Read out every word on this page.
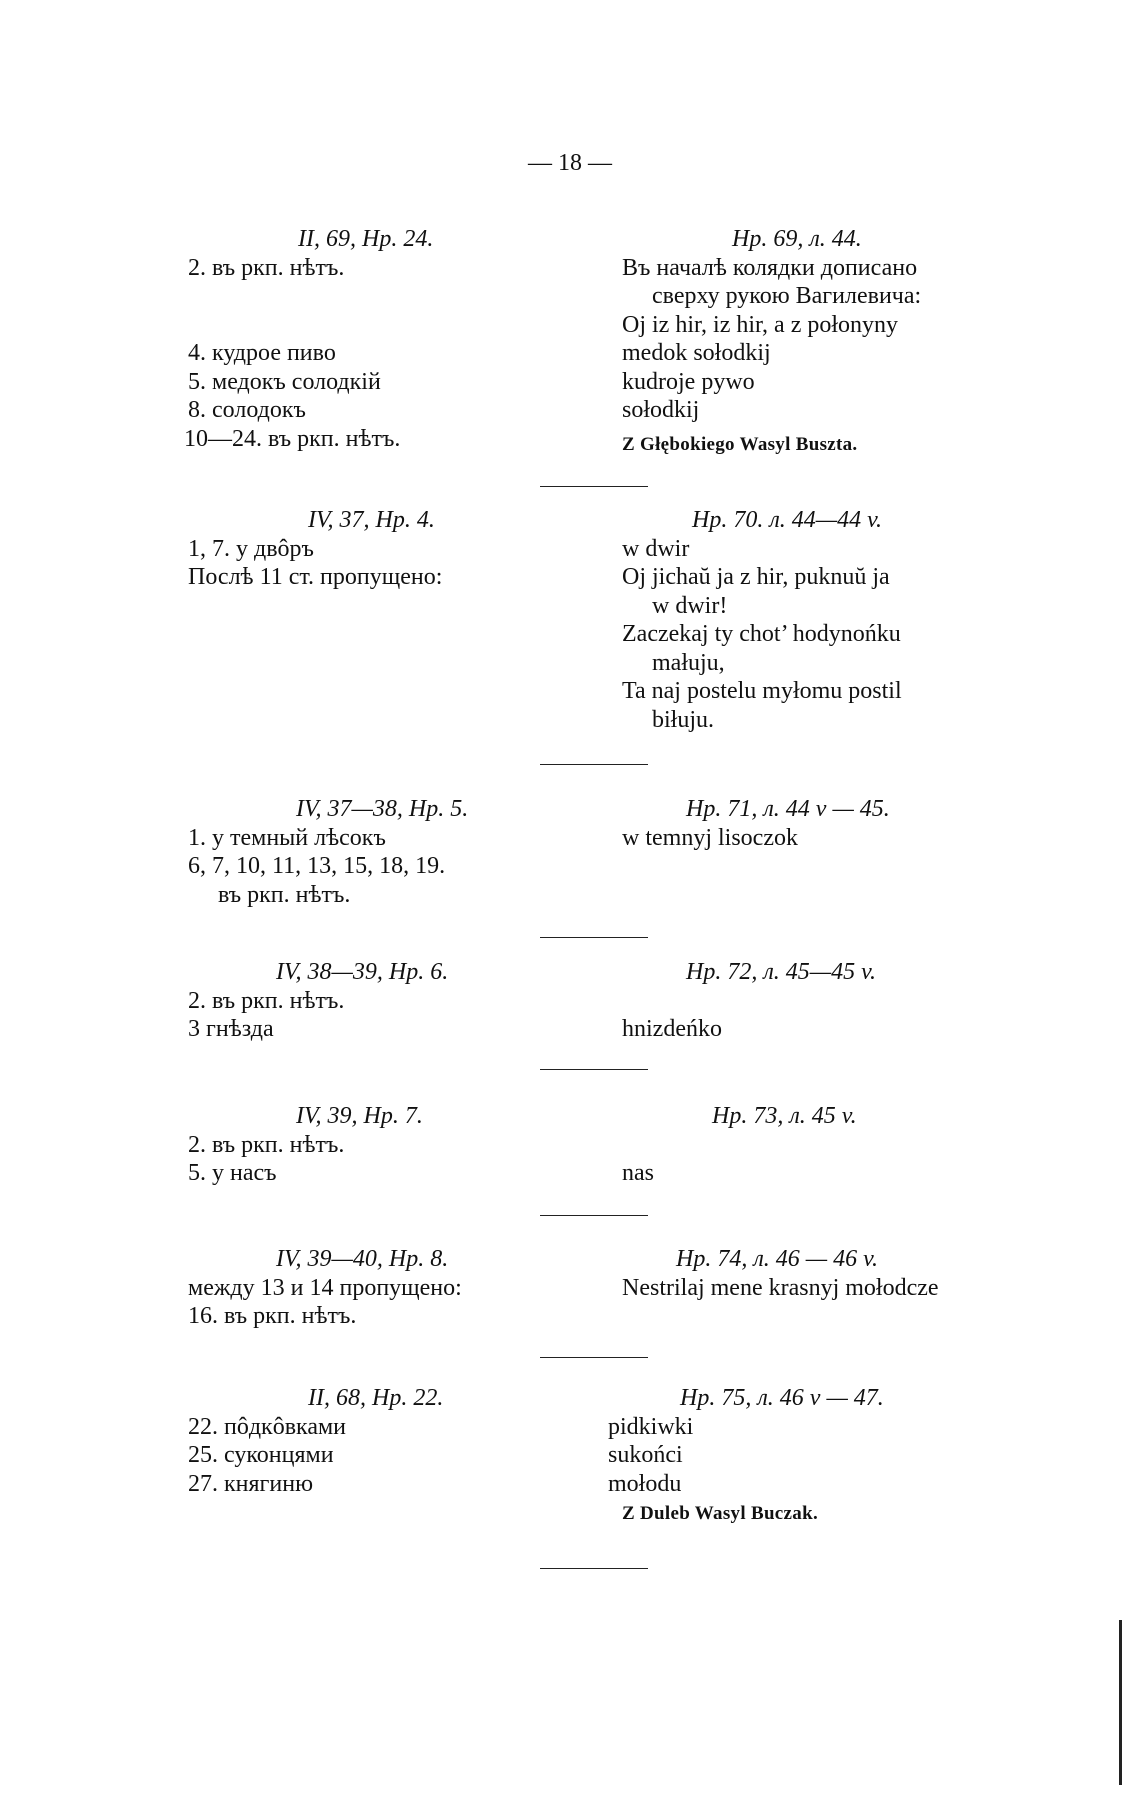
— 18 —
II, 69, Hp. 24.
2. въ ркп. нѣтъ.
4. кудрое пиво
5. медокъ солодкій
8. солодокъ
10—24. въ ркп. нѣтъ.
Hp. 69, л. 44.
Въ началѣ колядки дописано
сверху рукою Вагилевича:
Oj iz hir, iz hir, a z połonyny
medok sołodkij
kudroje pywo
sołodkij
Z Głębokiego Wasyl Buszta.
IV, 37, Hp. 4.
1, 7. у двôръ
Послѣ 11 ст. пропущено:
Hp. 70. л. 44—44 v.
w dwir
Oj jichaŭ ja z hir, puknuŭ ja
w dwir!
Zaczekaj ty chot’ hodynońku
małuju,
Ta naj postelu myłomu postil
biłuju.
IV, 37—38, Hp. 5.
1. у темный лѣсокъ
6, 7, 10, 11, 13, 15, 18, 19.
въ ркп. нѣтъ.
Hp. 71, л. 44 v — 45.
w temnyj lisoczok
IV, 38—39, Hp. 6.
2. въ ркп. нѣтъ.
3 гнѣзда
Hp. 72, л. 45—45 v.
hnizdeńko
IV, 39, Hp. 7.
2. въ ркп. нѣтъ.
5. у насъ
Hp. 73, л. 45 v.
nas
IV, 39—40, Hp. 8.
между 13 и 14 пропущено:
16. въ ркп. нѣтъ.
Hp. 74, л. 46 — 46 v.
Nestrilaj mene krasnyj mołodcze
II, 68, Hp. 22.
22. пôдкôвками
25. суконцями
27. княгиню
Hp. 75, л. 46 v — 47.
pidkiwki
sukońci
mołodu
Z Duleb Wasyl Buczak.
